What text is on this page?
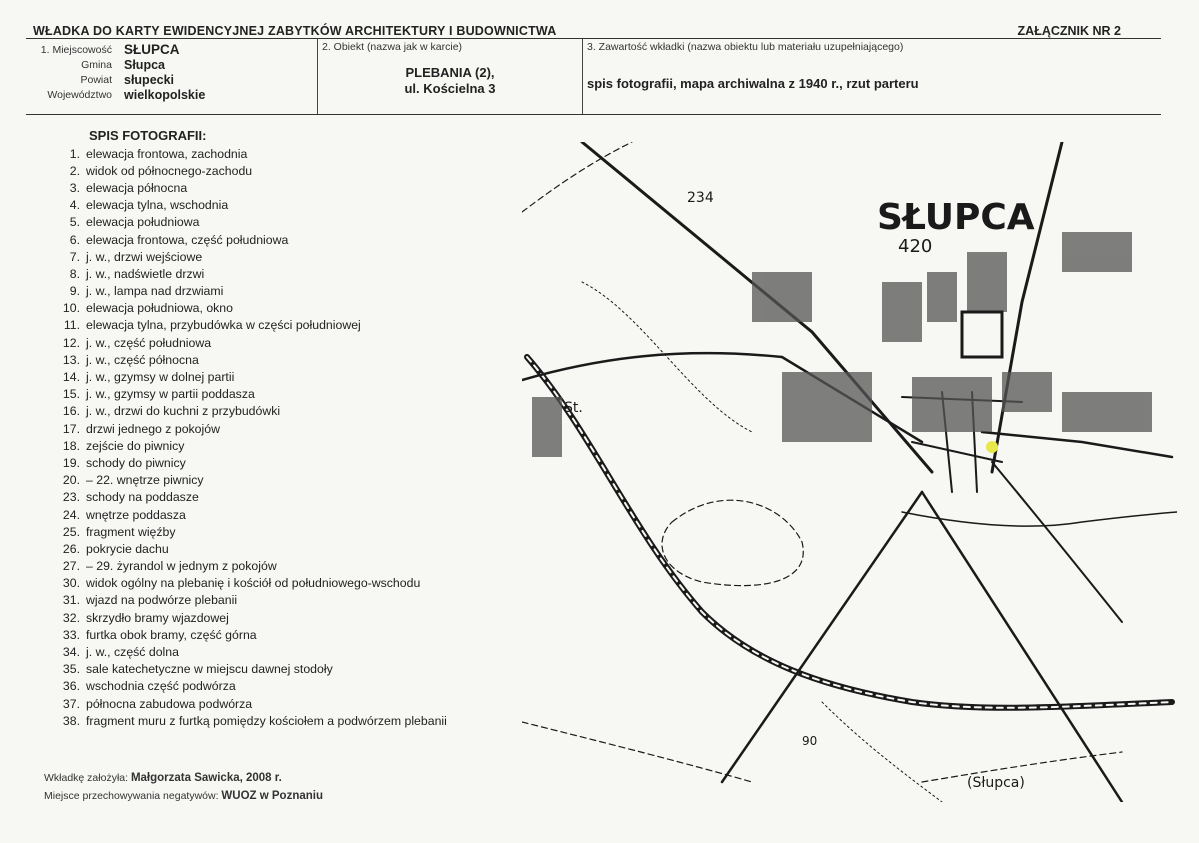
WŁADKA DO KARTY EWIDENCYJNEJ ZABYTKÓW ARCHITEKTURY I BUDOWNICTWA	ZAŁĄCZNIK NR 2
1. Miejscowość SŁUPCA
Gmina Słupca
Powiat słupecki
Województwo wielkopolskie
2. Obiekt (nazwa jak w karcie)
PLEBANIA (2),
ul. Kościelna 3
3. Zawartość wkładki (nazwa obiektu lub materiału uzupełniającego)
spis fotografii, mapa archiwalna z 1940 r., rzut parteru
SPIS FOTOGRAFII:
1. elewacja frontowa, zachodnia
2. widok od północnego-zachodu
3. elewacja północna
4. elewacja tylna, wschodnia
5. elewacja południowa
6. elewacja frontowa, część południowa
7. j. w., drzwi wejściowe
8. j. w., nadświetle drzwi
9. j. w., lampa nad drzwiami
10. elewacja południowa, okno
11. elewacja tylna, przybudówka w części południowej
12. j. w., część południowa
13. j. w., część północna
14. j. w., gzymsy w dolnej partii
15. j. w., gzymsy w partii poddasza
16. j. w., drzwi do kuchni z przybudówki
17. drzwi jednego z pokojów
18. zejście do piwnicy
19. schody do piwnicy
20. – 22. wnętrze piwnicy
23. schody na poddasze
24. wnętrze poddasza
25. fragment więźby
26. pokrycie dachu
27. – 29. żyrandol w jednym z pokojów
30. widok ogólny na plebanię i kościół od południowego-wschodu
31. wjazd na podwórze plebanii
32. skrzydło bramy wjazdowej
33. furtka obok bramy, część górna
34. j. w., część dolna
35. sale katechetyczne w miejscu dawnej stodoły
36. wschodnia część podwórza
37. północna zabudowa podwórza
38. fragment muru z furtką pomiędzy kościołem a podwórzem plebanii
Wkładkę założyła: Małgorzata Sawicka, 2008 r.
Miejsce przechowywania negatywów: WUOZ w Poznaniu
SŁUPCA
420
234
St.
90
(Słupca)
